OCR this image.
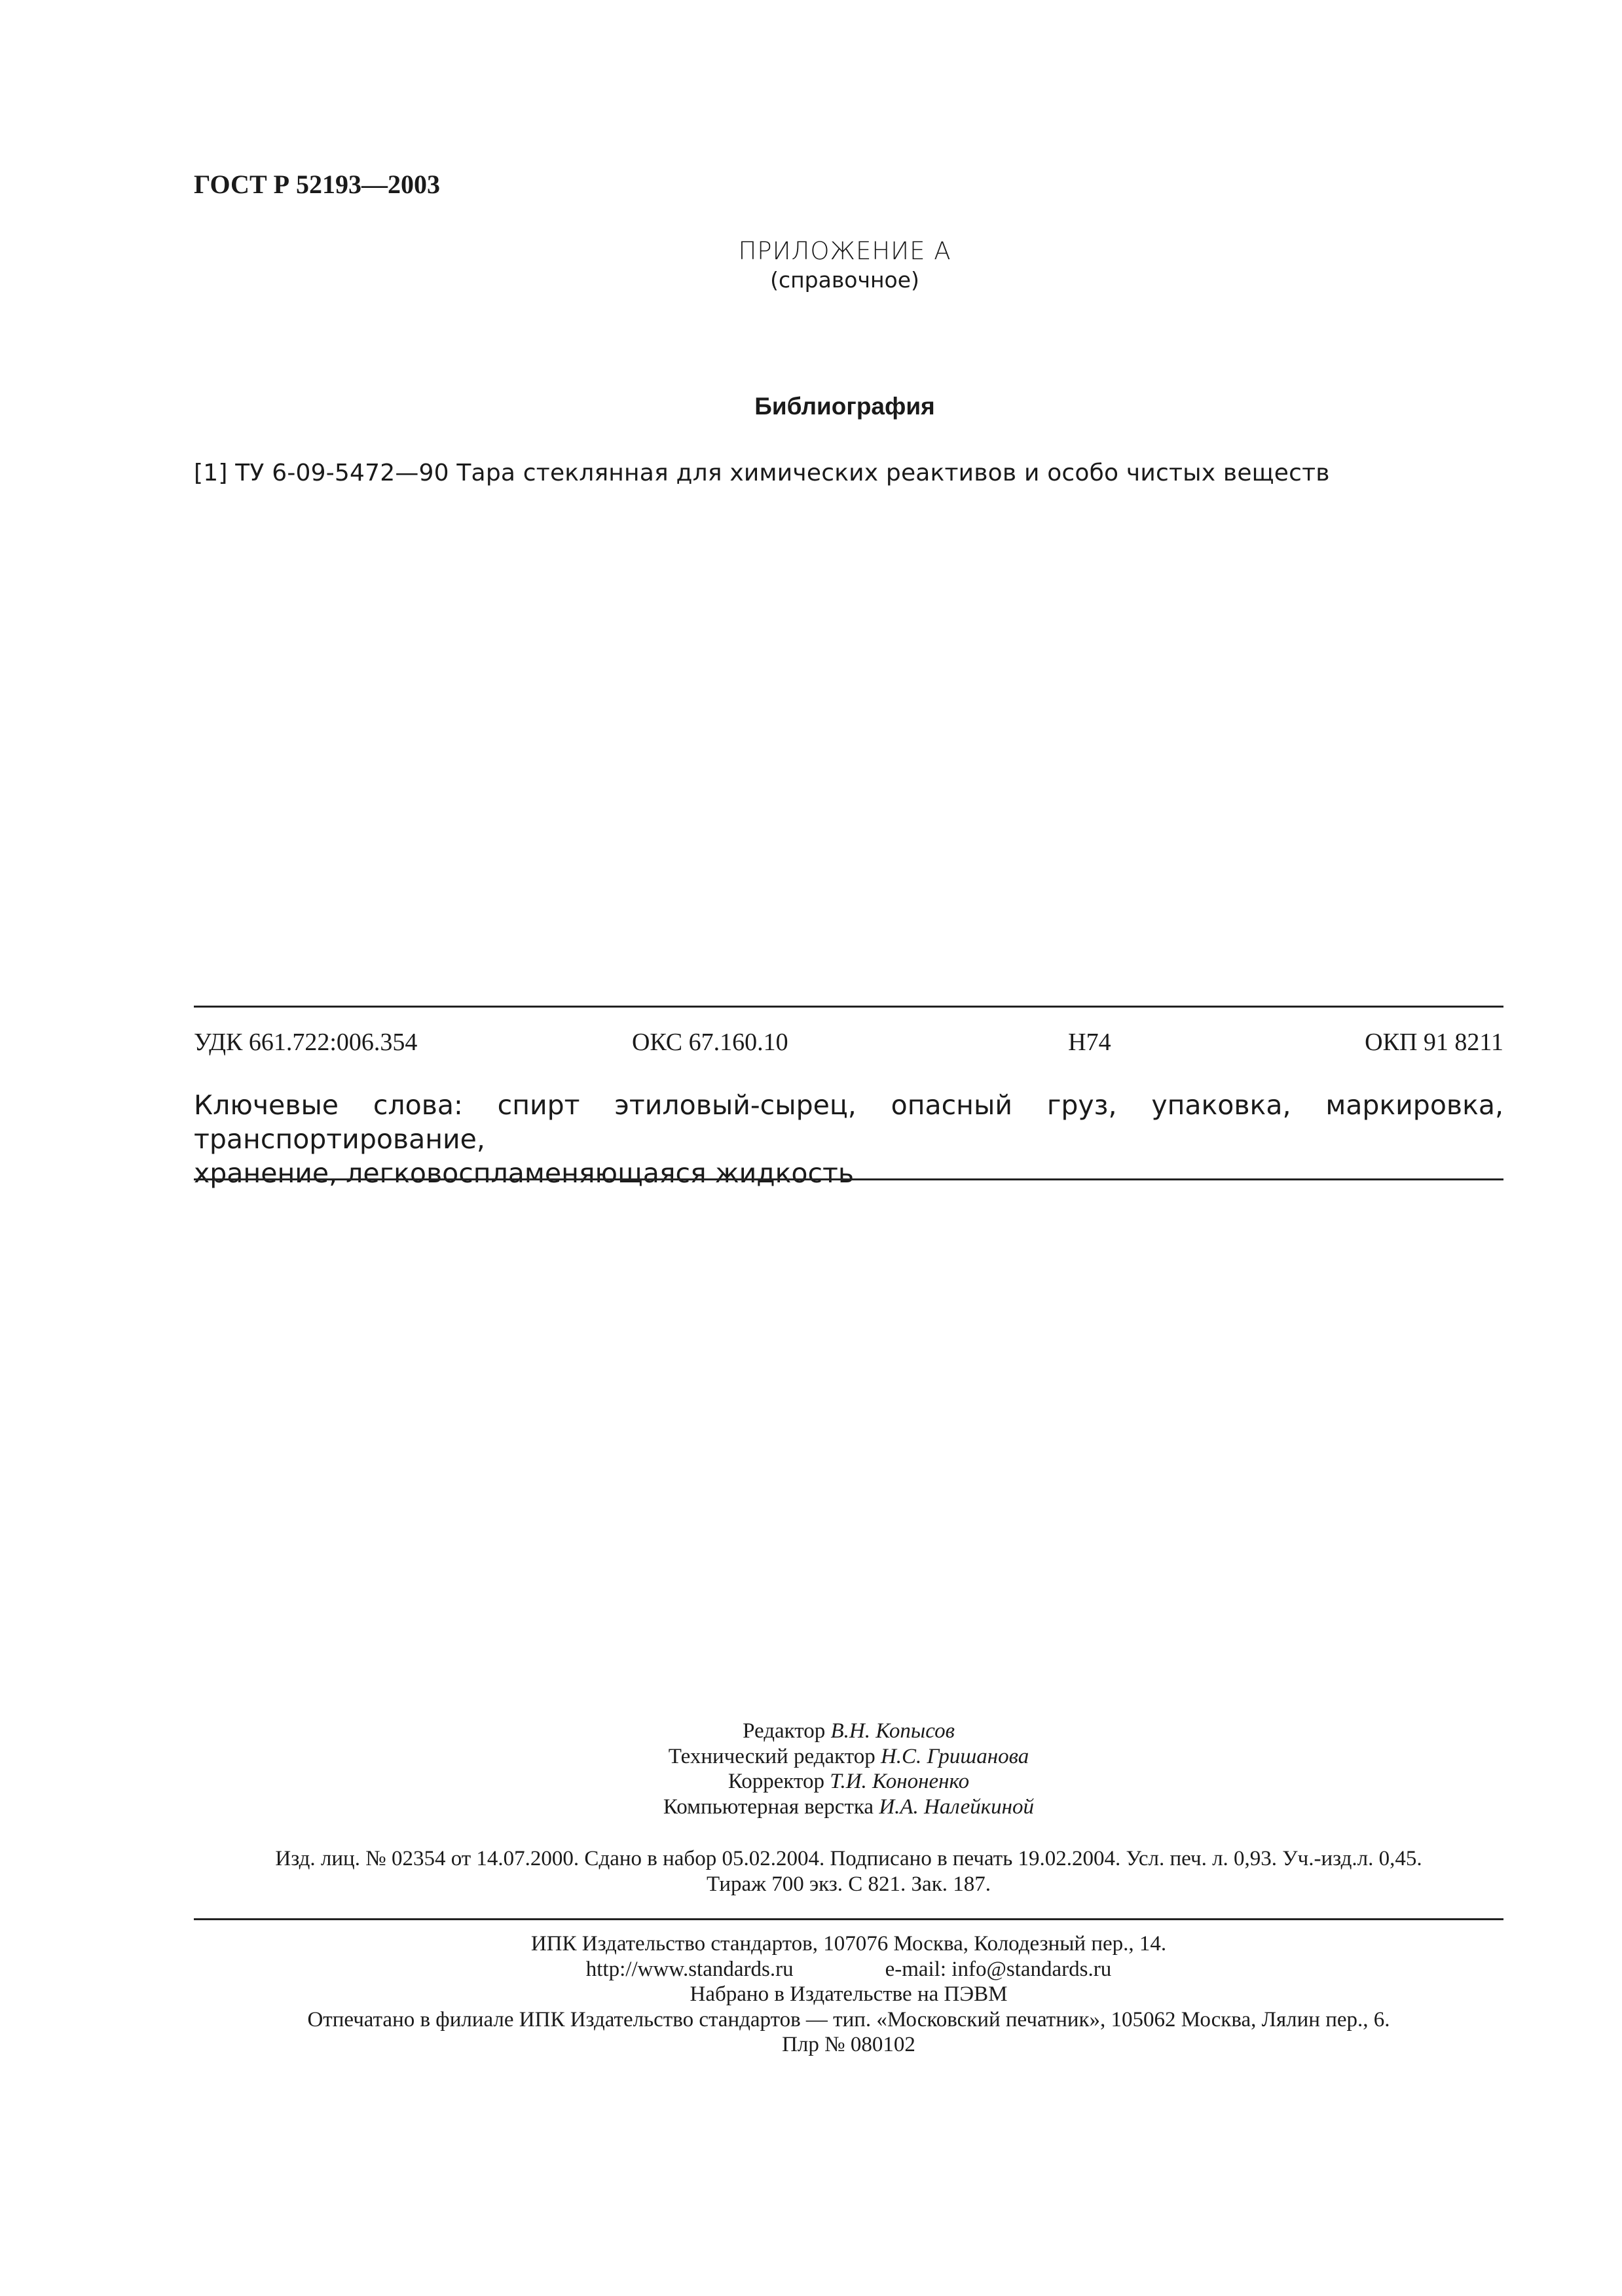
ГОСТ Р 52193—2003
ПРИЛОЖЕНИЕ А
(справочное)
Библиография
[1] ТУ 6-09-5472—90 Тара стеклянная для химических реактивов и особо чистых веществ
УДК 661.722:006.354	ОКС 67.160.10	Н74	ОКП 91 8211
Ключевые слова: спирт этиловый-сырец, опасный груз, упаковка, маркировка, транспортирование,
хранение, легковоспламеняющаяся жидкость
Редактор В.Н. Копысов
Технический редактор Н.С. Гришанова
Корректор Т.И. Кононенко
Компьютерная верстка И.А. Налейкиной
Изд. лиц. № 02354 от 14.07.2000. Сдано в набор 05.02.2004. Подписано в печать 19.02.2004. Усл. печ. л. 0,93. Уч.-изд.л. 0,45.
Тираж 700 экз. С 821. Зак. 187.
ИПК Издательство стандартов, 107076 Москва, Колодезный пер., 14.
http://www.standards.ru	e-mail: info@standards.ru
Набрано в Издательстве на ПЭВМ
Отпечатано в филиале ИПК Издательство стандартов — тип. «Московский печатник», 105062 Москва, Лялин пер., 6.
Плр № 080102
